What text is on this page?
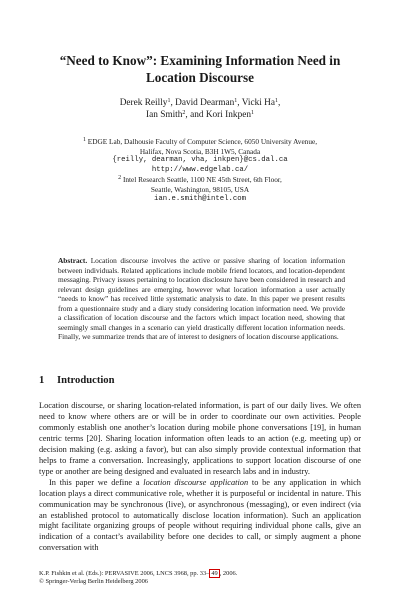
“Need to Know”: Examining Information Need in
Location Discourse
Derek Reilly$^1$, David Dearman$^1$, Vicki Ha$^1$,
Ian Smith$^2$, and Kori Inkpen$^1$
$^1$ EDGE Lab, Dalhousie Faculty of Computer Science, 6050 University Avenue,
Halifax, Nova Scotia, B3H 1W5, Canada
{reilly, dearman, vha, inkpen}@cs.dal.ca
http://www.edgelab.ca/
$^2$ Intel Research Seattle, 1100 NE 45th Street, 6th Floor,
Seattle, Washington, 98105, USA
ian.e.smith@intel.com
Abstract. Location discourse involves the active or passive sharing of location information between individuals. Related applications include mobile friend locators, and location-dependent messaging. Privacy issues pertaining to location disclosure have been considered in research and relevant design guidelines are emerging, however what location information a user actually “needs to know” has received little systematic analysis to date. In this paper we present results from a questionnaire study and a diary study considering location information need. We provide a classification of location discourse and the factors which impact location need, showing that seemingly small changes in a scenario can yield drastically different location information needs. Finally, we summarize trends that are of interest to designers of location discourse applications.
1 Introduction

Location discourse, or sharing location-related information, is part of our daily lives. We often need to know where others are or will be in order to coordinate our own activities. People commonly establish one another’s location during mobile phone conversations [19], in human centric terms [20]. Sharing location information often leads to an action (e.g. meeting up) or decision making (e.g. asking a favor), but can also simply provide contextual information that helps to frame a conversation. Increasingly, applications to support location discourse of one type or another are being designed and evaluated in research labs and in industry.

In this paper we define a location discourse application to be any application in which location plays a direct communicative role, whether it is purposeful or incidental in nature. This communication may be synchronous (live), or asynchronous (messaging), or even indirect (via an established protocol to automatically disclose location information). Such an application might facilitate organizing groups of people without requiring individual phone calls, give an indication of a contact’s availability before one decides to call, or simply augment a phone conversation with

K.P. Fishkin et al. (Eds.): PERVASIVE 2006, LNCS 3968, pp. 33– 49 , 2006.
© Springer-Verlag Berlin Heidelberg 2006
